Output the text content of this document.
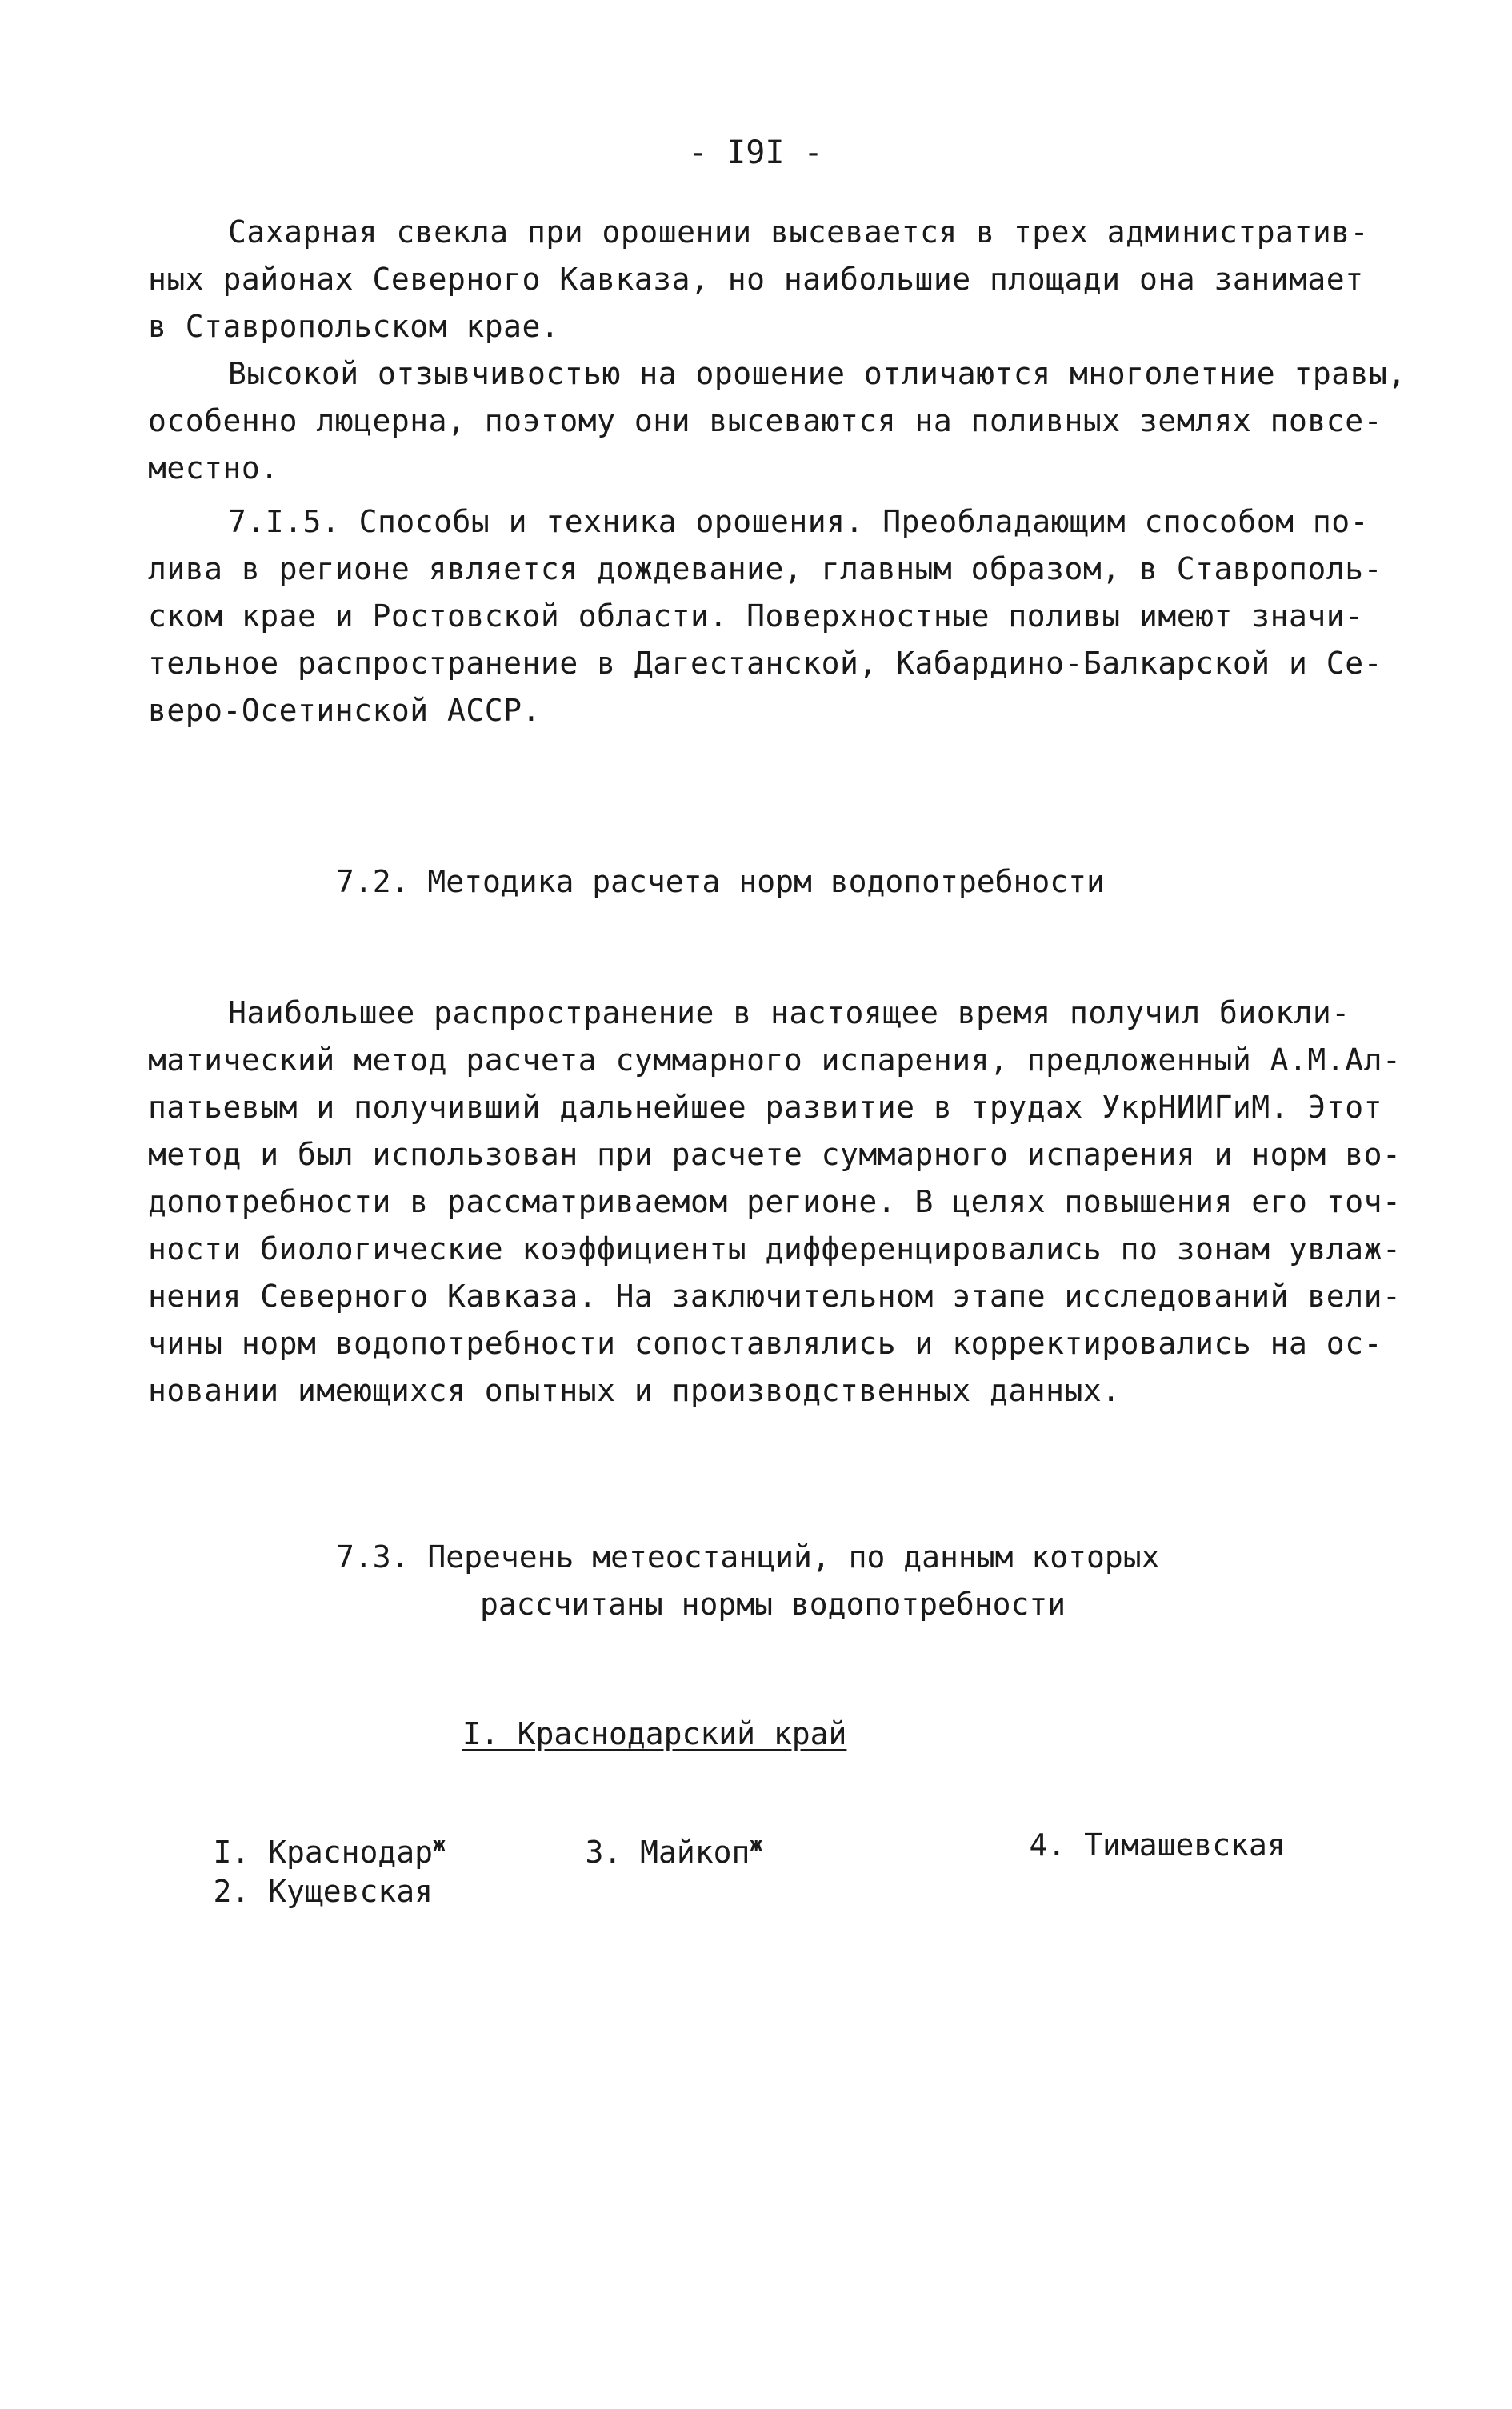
- I9I -
Сахарная свекла при орошении высевается в трех административ-
ных районах Северного Кавказа, но наибольшие площади она занимает
в Ставропольском крае.
Высокой отзывчивостью на орошение отличаются многолетние травы,
особенно люцерна, поэтому они высеваются на поливных землях повсе-
местно.
7.I.5. Способы и техника орошения. Преобладающим способом по-
лива в регионе является дождевание, главным образом, в Ставрополь-
ском крае и Ростовской области. Поверхностные поливы имеют значи-
тельное распространение в Дагестанской, Кабардино-Балкарской и Се-
веро-Осетинской АССР.
7.2. Методика расчета норм водопотребности
Наибольшее распространение в настоящее время получил биокли-
матический метод расчета суммарного испарения, предложенный А.М.Ал-
патьевым и получивший дальнейшее развитие в трудах УкрНИИГиМ. Этот
метод и был использован при расчете суммарного испарения и норм во-
допотребности в рассматриваемом регионе. В целях повышения его точ-
ности биологические коэффициенты дифференцировались по зонам увлаж-
нения Северного Кавказа. На заключительном этапе исследований вели-
чины норм водопотребности сопоставлялись и корректировались на ос-
новании имеющихся опытных и производственных данных.
7.3. Перечень метеостанций, по данным которых
рассчитаны нормы водопотребности
I. Краснодарский край

I. Краснодар$^ж$
	3. Майкоп$^ж$
	4. Тимашевская

2. Кущевская
